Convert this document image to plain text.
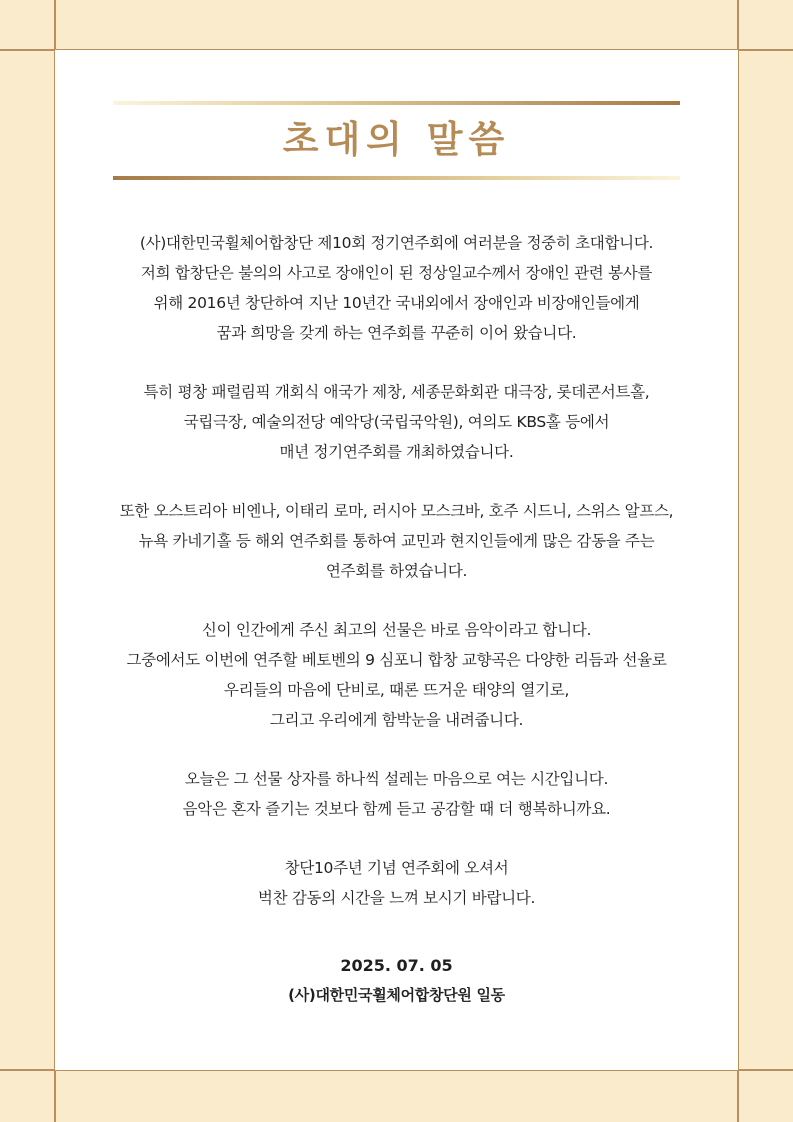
초대의 말씀

(사)대한민국휠체어합창단 제10회 정기연주회에 여러분을 정중히 초대합니다.
저희 합창단은 불의의 사고로 장애인이 된 정상일교수께서 장애인 관련 봉사를
위해 2016년 창단하여 지난 10년간 국내외에서 장애인과 비장애인들에게
꿈과 희망을 갖게 하는 연주회를 꾸준히 이어 왔습니다.

특히 평창 패럴림픽 개회식 애국가 제창, 세종문화회관 대극장, 롯데콘서트홀,
국립극장, 예술의전당 예악당(국립국악원), 여의도 KBS홀 등에서
매년 정기연주회를 개최하였습니다.

또한 오스트리아 비엔나, 이태리 로마, 러시아 모스크바, 호주 시드니, 스위스 알프스,
뉴욕 카네기홀 등 해외 연주회를 통하여 교민과 현지인들에게 많은 감동을 주는
연주회를 하였습니다.

신이 인간에게 주신 최고의 선물은 바로 음악이라고 합니다.
그중에서도 이번에 연주할 베토벤의 9 심포니 합창 교향곡은 다양한 리듬과 선율로
우리들의 마음에 단비로, 때론 뜨거운 태양의 열기로,
그리고 우리에게 함박눈을 내려줍니다.

오늘은 그 선물 상자를 하나씩 설레는 마음으로 여는 시간입니다.
음악은 혼자 즐기는 것보다 함께 듣고 공감할 때 더 행복하니까요.

창단10주년 기념 연주회에 오셔서
벅찬 감동의 시간을 느껴 보시기 바랍니다.

2025. 07. 05
(사)대한민국휠체어합창단원 일동
